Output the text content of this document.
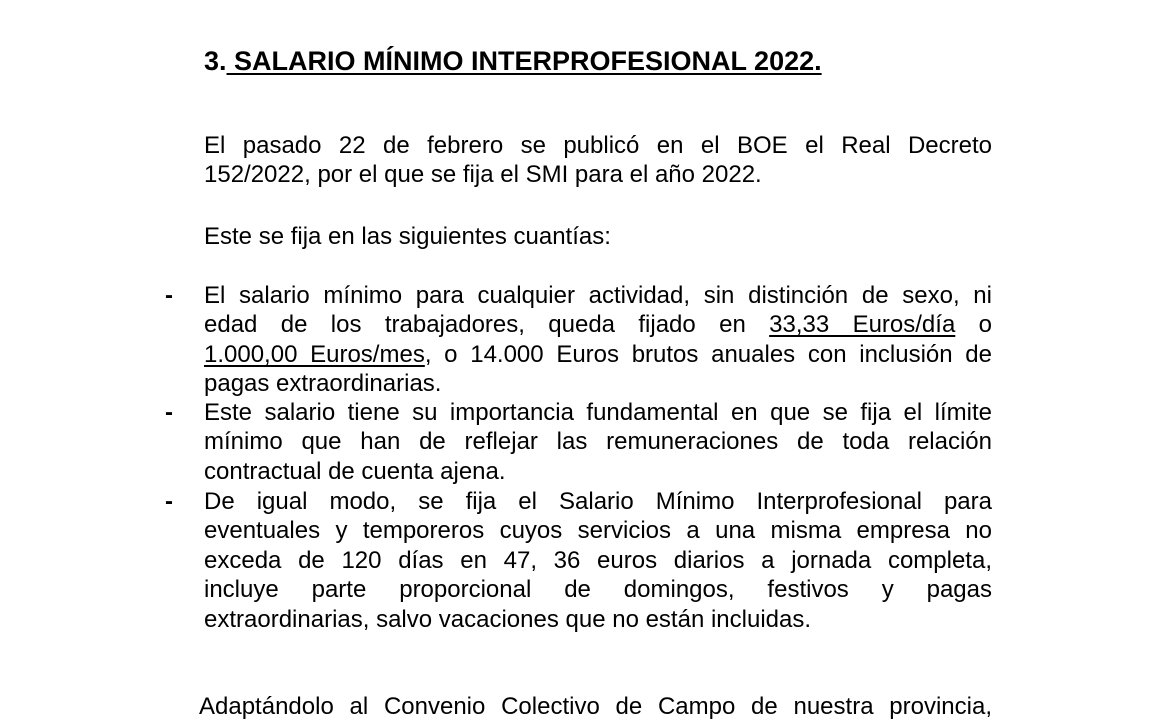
3. SALARIO MÍNIMO INTERPROFESIONAL 2022.
El pasado 22 de febrero se publicó en el BOE el Real Decreto
152/2022, por el que se fija el SMI para el año 2022.
Este se fija en las siguientes cuantías:
- El salario mínimo para cualquier actividad, sin distinción de sexo, ni
edad de los trabajadores, queda fijado en 33,33 Euros/día o
1.000,00 Euros/mes, o 14.000 Euros brutos anuales con inclusión de
pagas extraordinarias.
- Este salario tiene su importancia fundamental en que se fija el límite
mínimo que han de reflejar las remuneraciones de toda relación
contractual de cuenta ajena.
- De igual modo, se fija el Salario Mínimo Interprofesional para
eventuales y temporeros cuyos servicios a una misma empresa no
exceda de 120 días en 47, 36 euros diarios a jornada completa,
incluye parte proporcional de domingos, festivos y pagas
extraordinarias, salvo vacaciones que no están incluidas.
Adaptándolo al Convenio Colectivo de Campo de nuestra provincia,
